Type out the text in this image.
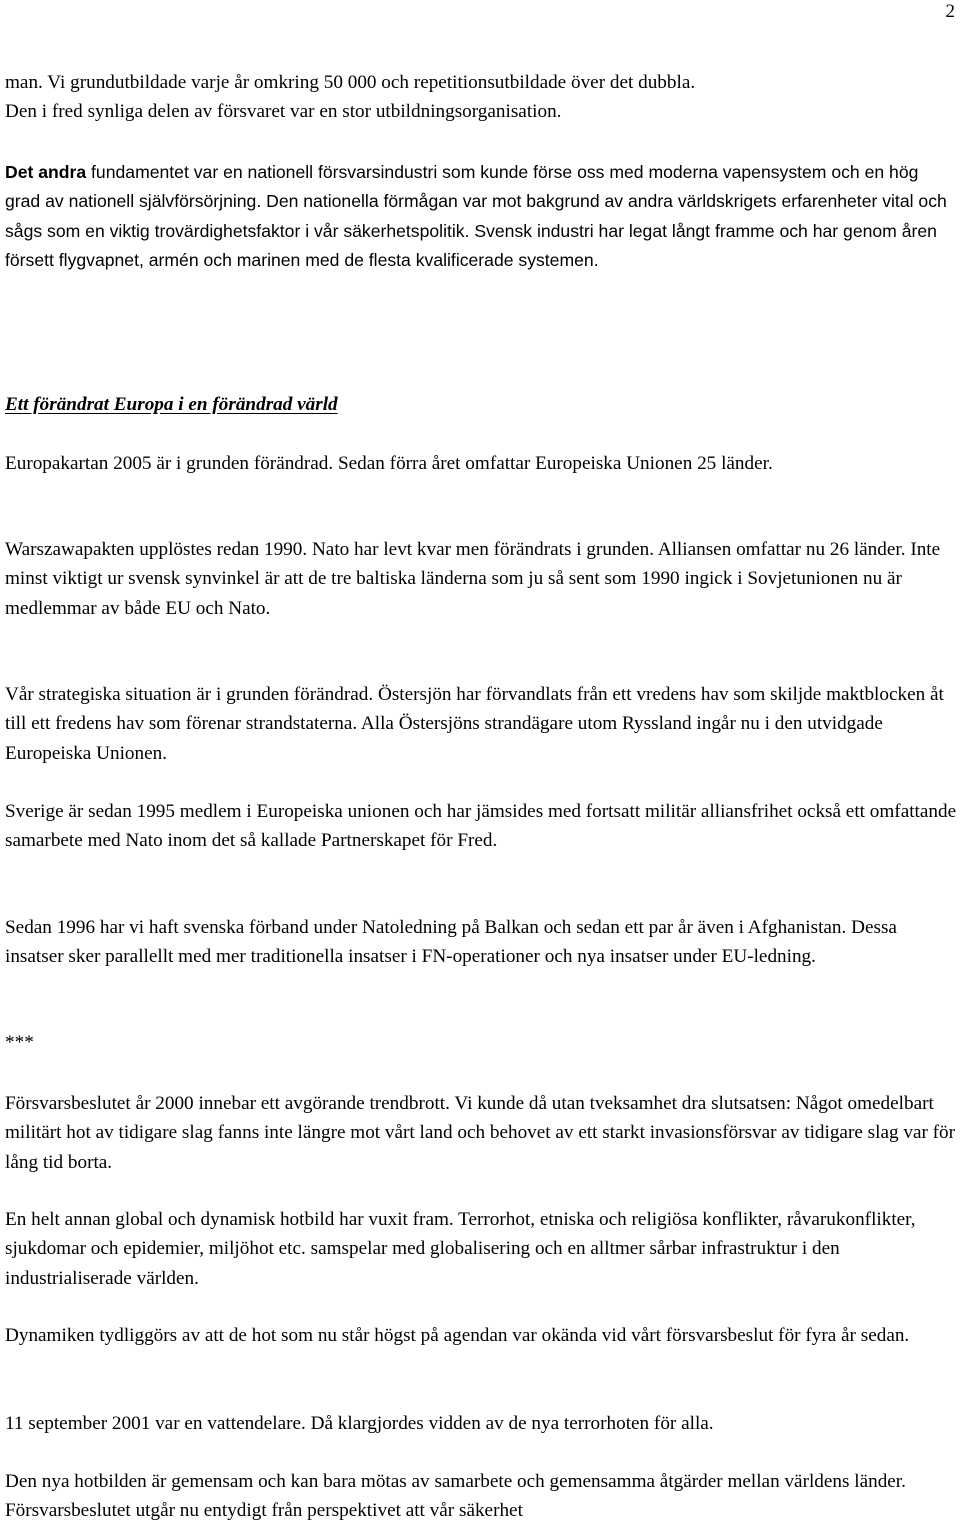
2

man. Vi grundutbildade varje år omkring 50 000 och repetitionsutbildade över det dubbla.
Den i fred synliga delen av försvaret var en stor utbildningsorganisation.

Det andra fundamentet var en nationell försvarsindustri som kunde förse oss med moderna vapensystem och en hög grad av nationell självförsörjning. Den nationella förmågan var mot bakgrund av andra världskrigets erfarenheter vital och sågs som en viktig trovärdighetsfaktor i vår säkerhetspolitik. Svensk industri har legat långt framme och har genom åren försett flygvapnet, armén och marinen med de flesta kvalificerade systemen.

Ett förändrat Europa i en förändrad värld

Europakartan 2005 är i grunden förändrad. Sedan förra året omfattar Europeiska Unionen 25 länder.

Warszawapakten upplöstes redan 1990. Nato har levt kvar men förändrats i grunden. Alliansen omfattar nu 26 länder. Inte minst viktigt ur svensk synvinkel är att de tre baltiska länderna som ju så sent som 1990 ingick i Sovjetunionen nu är medlemmar av både EU och Nato.

Vår strategiska situation är i grunden förändrad. Östersjön har förvandlats från ett vredens hav som skiljde maktblocken åt till ett fredens hav som förenar strandstaterna. Alla Östersjöns strandägare utom Ryssland ingår nu i den utvidgade Europeiska Unionen.

Sverige är sedan 1995 medlem i Europeiska unionen och har jämsides med fortsatt militär alliansfrihet också ett omfattande samarbete med Nato inom det så kallade Partnerskapet för Fred.

Sedan 1996 har vi haft svenska förband under Natoledning på Balkan och sedan ett par år även i Afghanistan. Dessa insatser sker parallellt med mer traditionella insatser i FN-operationer och nya insatser under EU-ledning.

***

Försvarsbeslutet år 2000 innebar ett avgörande trendbrott. Vi kunde då utan tveksamhet dra slutsatsen: Något omedelbart militärt hot av tidigare slag fanns inte längre mot vårt land och behovet av ett starkt invasionsförsvar av tidigare slag var för lång tid borta.

En helt annan global och dynamisk hotbild har vuxit fram. Terrorhot, etniska och religiösa konflikter, råvarukonflikter, sjukdomar och epidemier, miljöhot etc. samspelar med globalisering och en alltmer sårbar infrastruktur i den industrialiserade världen.

Dynamiken tydliggörs av att de hot som nu står högst på agendan var okända vid vårt försvarsbeslut för fyra år sedan.

11 september 2001 var en vattendelare. Då klargjordes vidden av de nya terrorhoten för alla.

Den nya hotbilden är gemensam och kan bara mötas av samarbete och gemensamma åtgärder mellan världens länder. Försvarsbeslutet utgår nu entydigt från perspektivet att vår säkerhet
